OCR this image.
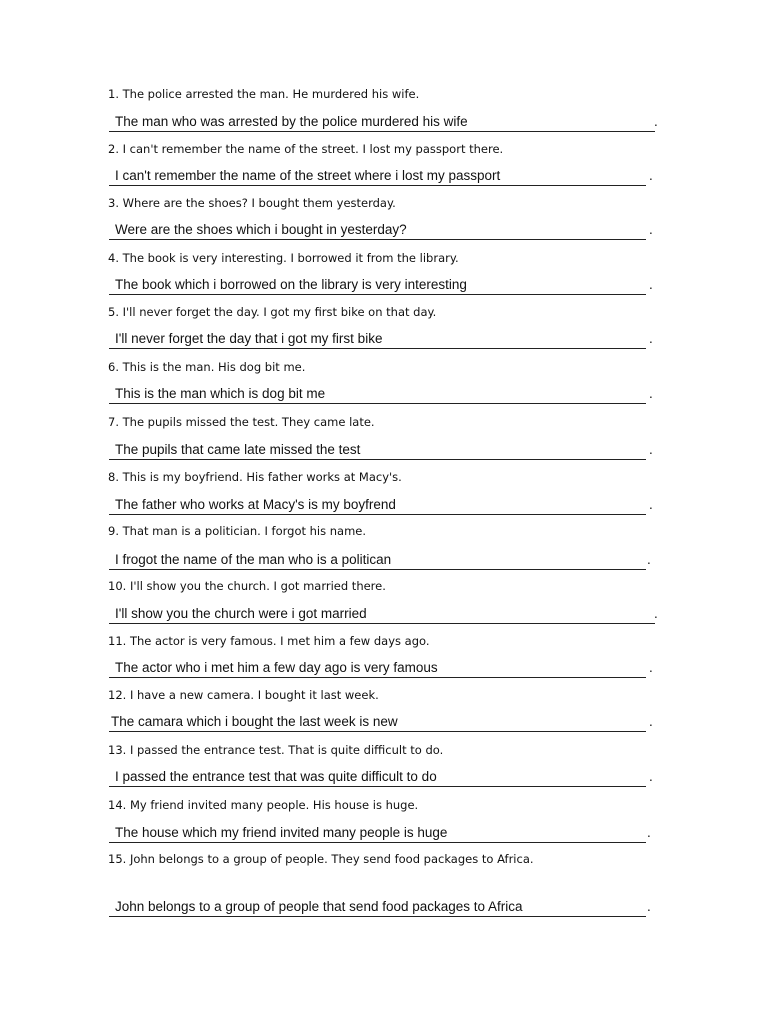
1. The police arrested the man. He murdered his wife.
The man who was arrested by the police murdered his wife	.
2. I can't remember the name of the street. I lost my passport there.
I can't remember the name of the street where i lost my passport	.
3. Where are the shoes? I bought them yesterday.
Were are the shoes which i bought in yesterday?	.
4. The book is very interesting. I borrowed it from the library.
The book which i borrowed on the library is very interesting	.
5. I'll never forget the day. I got my first bike on that day.
I'll never forget the day that i got my first bike	.
6. This is the man. His dog bit me.
This is the man which is dog bit me	.
7. The pupils missed the test. They came late.
The pupils that came late missed the test	.
8. This is my boyfriend. His father works at Macy's.
The father who works at Macy's is my boyfrend	.
9. That man is a politician. I forgot his name.
I frogot the name of the man who is a politican	.
10. I'll show you the church. I got married there.
I'll show you the church were i got married	.
11. The actor is very famous. I met him a few days ago.
The actor who i met him a few day ago is very famous	.
12. I have a new camera. I bought it last week.
The camara which i bought the last week is new	.
13. I passed the entrance test. That is quite difficult to do.
I passed the entrance test that was quite difficult to do	.
14. My friend invited many people. His house is huge.
The house which my friend invited many people is huge	.
15. John belongs to a group of people. They send food packages to Africa.
John belongs to a group of people that send food packages to Africa	.
